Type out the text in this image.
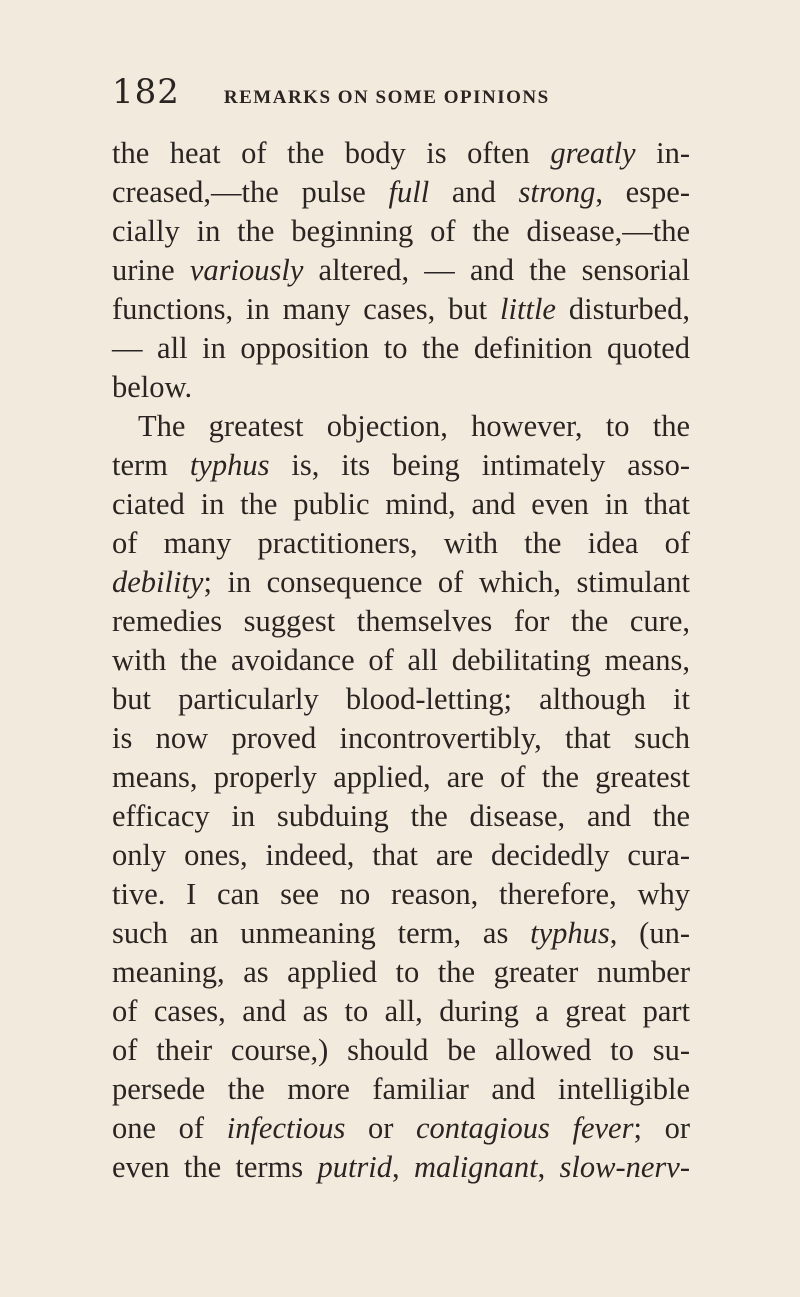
182 REMARKS ON SOME OPINIONS
the heat of the body is often greatly in-
creased,—the pulse full and strong, espe-
cially in the beginning of the disease,—the
urine variously altered, — and the sensorial
functions, in many cases, but little disturbed,
— all in opposition to the definition quoted
below.
The greatest objection, however, to the
term typhus is, its being intimately asso-
ciated in the public mind, and even in that
of many practitioners, with the idea of
debility; in consequence of which, stimulant
remedies suggest themselves for the cure,
with the avoidance of all debilitating means,
but particularly blood-letting; although it
is now proved incontrovertibly, that such
means, properly applied, are of the greatest
efficacy in subduing the disease, and the
only ones, indeed, that are decidedly cura-
tive. I can see no reason, therefore, why
such an unmeaning term, as typhus, (un-
meaning, as applied to the greater number
of cases, and as to all, during a great part
of their course,) should be allowed to su-
persede the more familiar and intelligible
one of infectious or contagious fever; or
even the terms putrid, malignant, slow-nerv-
